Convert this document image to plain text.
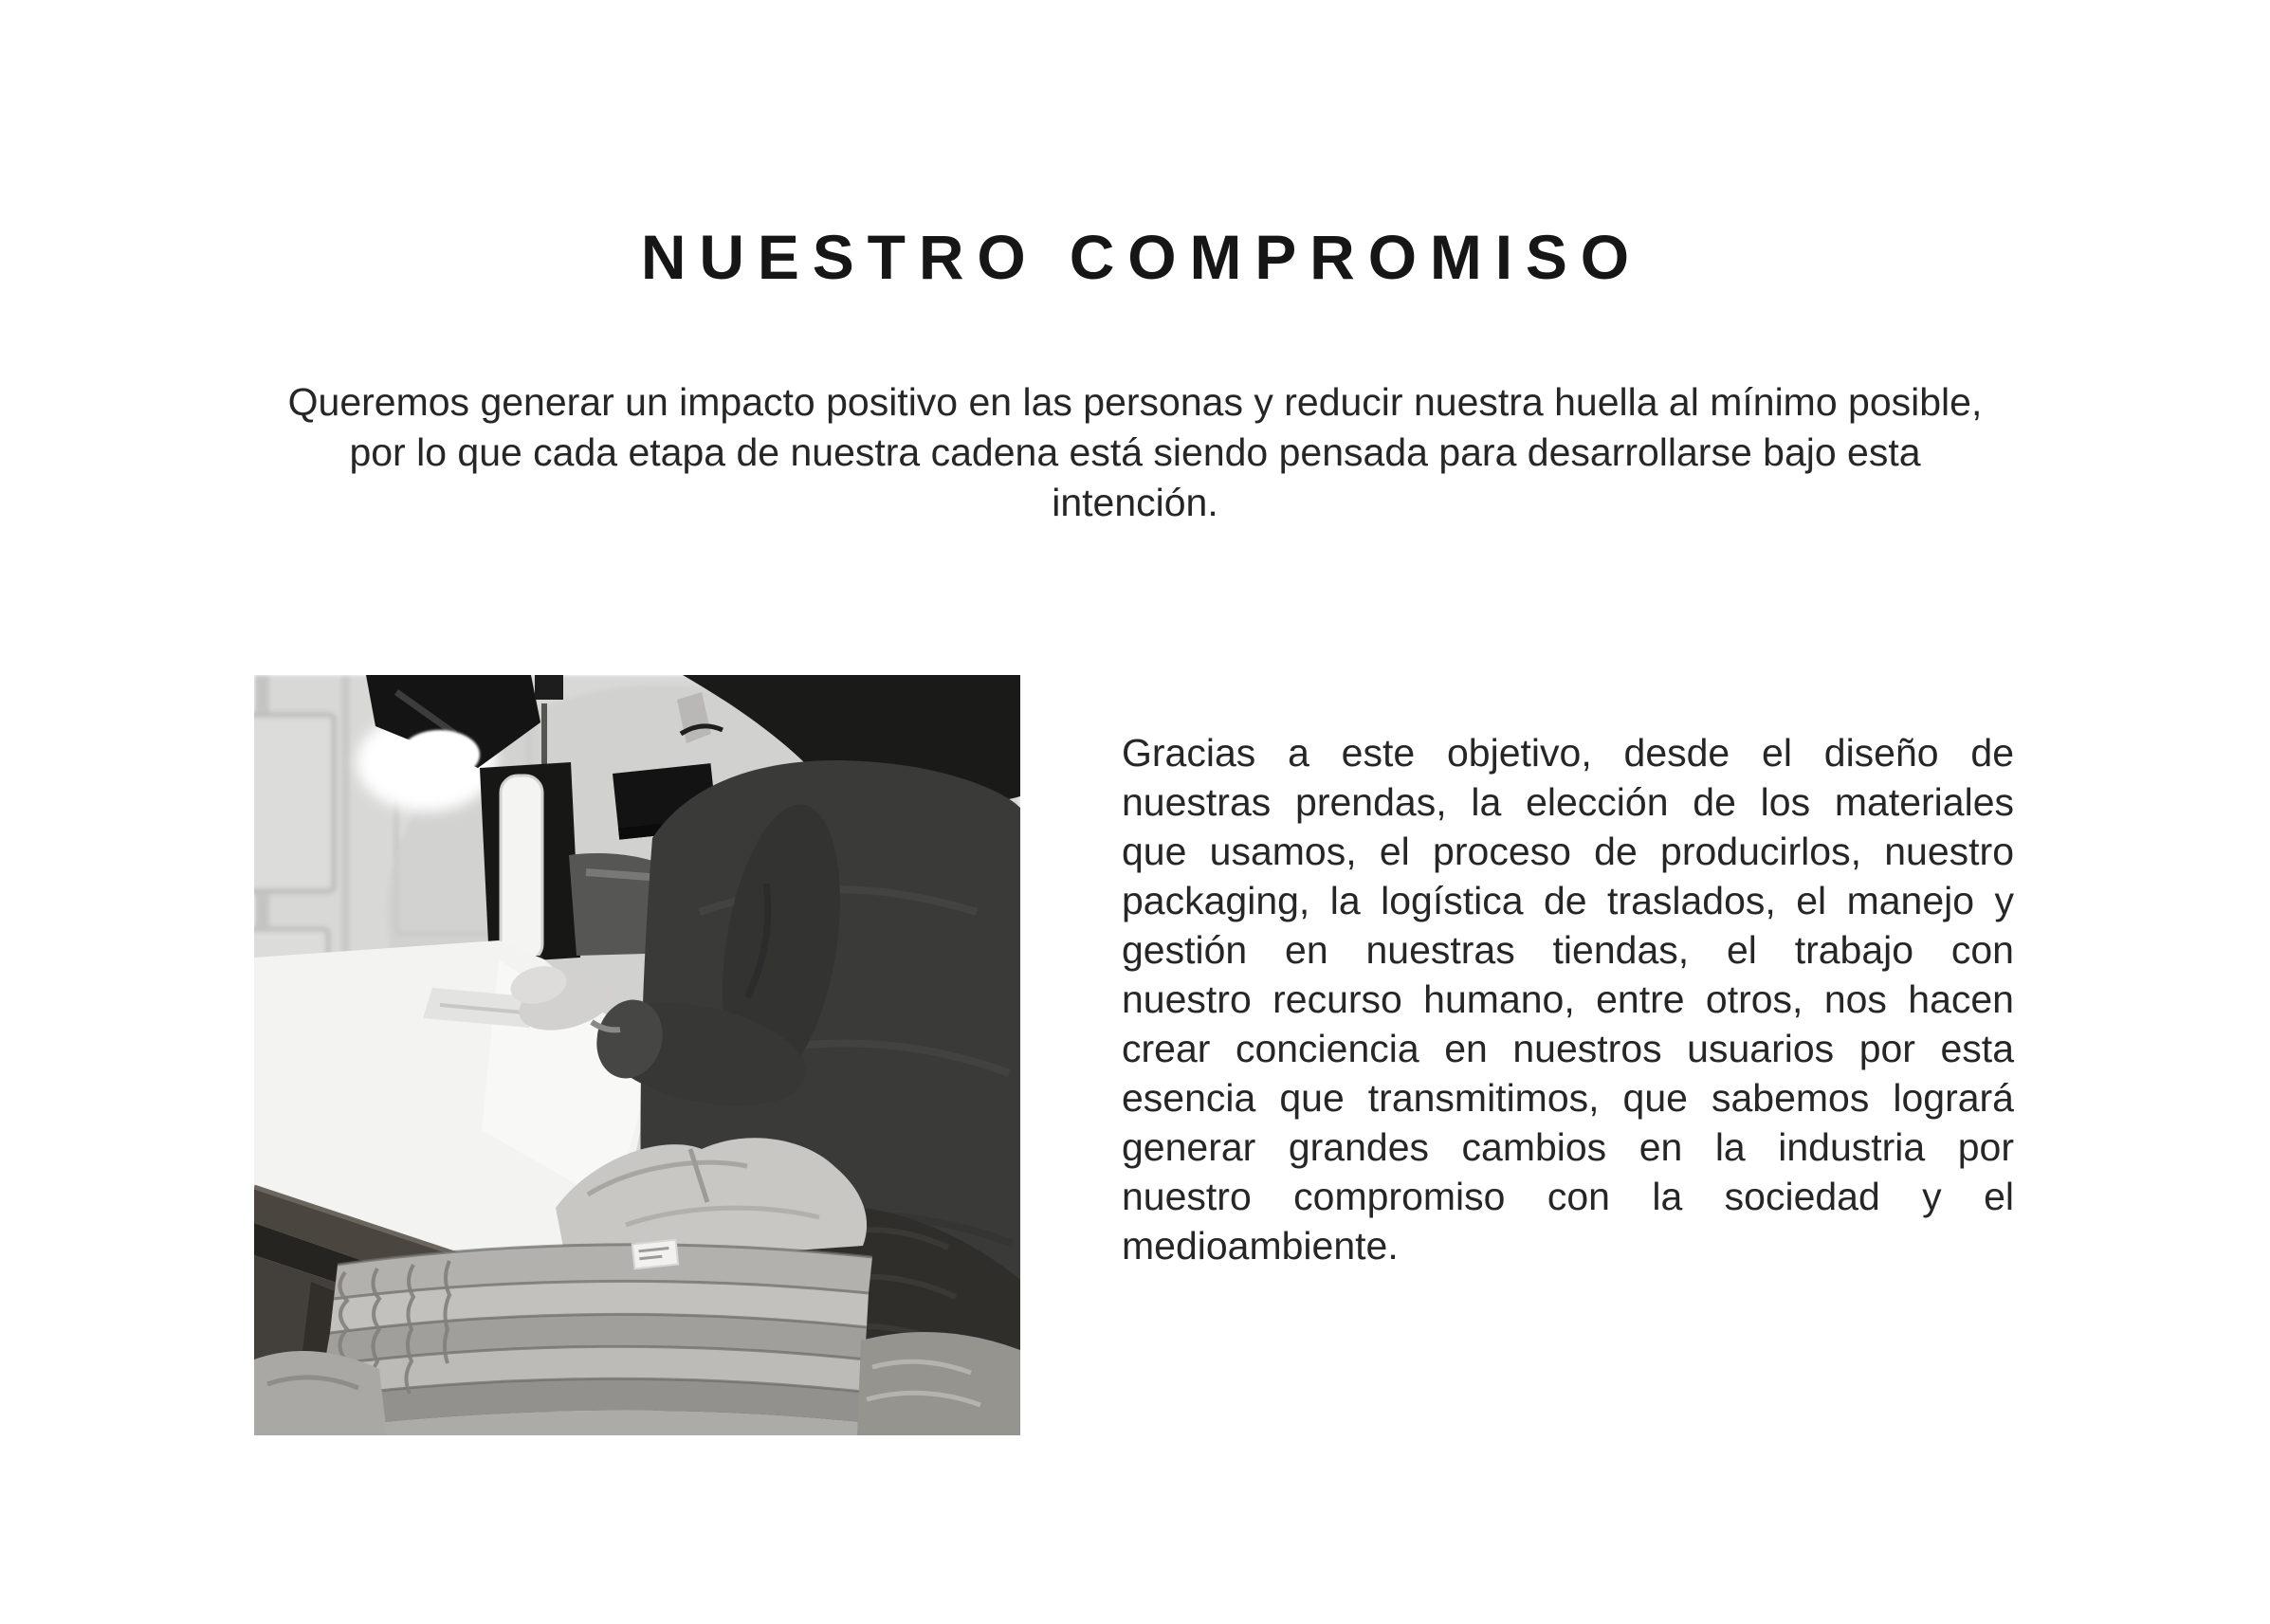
NUESTRO COMPROMISO
Queremos generar un impacto positivo en las personas y reducir nuestra huella al mínimo posible,
por lo que cada etapa de nuestra cadena está siendo pensada para desarrollarse bajo esta
intención.
Gracias a este objetivo, desde el diseño de
nuestras prendas, la elección de los materiales
que usamos, el proceso de producirlos, nuestro
packaging, la logística de traslados, el manejo y
gestión en nuestras tiendas, el trabajo con
nuestro recurso humano, entre otros, nos hacen
crear conciencia en nuestros usuarios por esta
esencia que transmitimos, que sabemos logrará
generar grandes cambios en la industria por
nuestro compromiso con la sociedad y el
medioambiente.
